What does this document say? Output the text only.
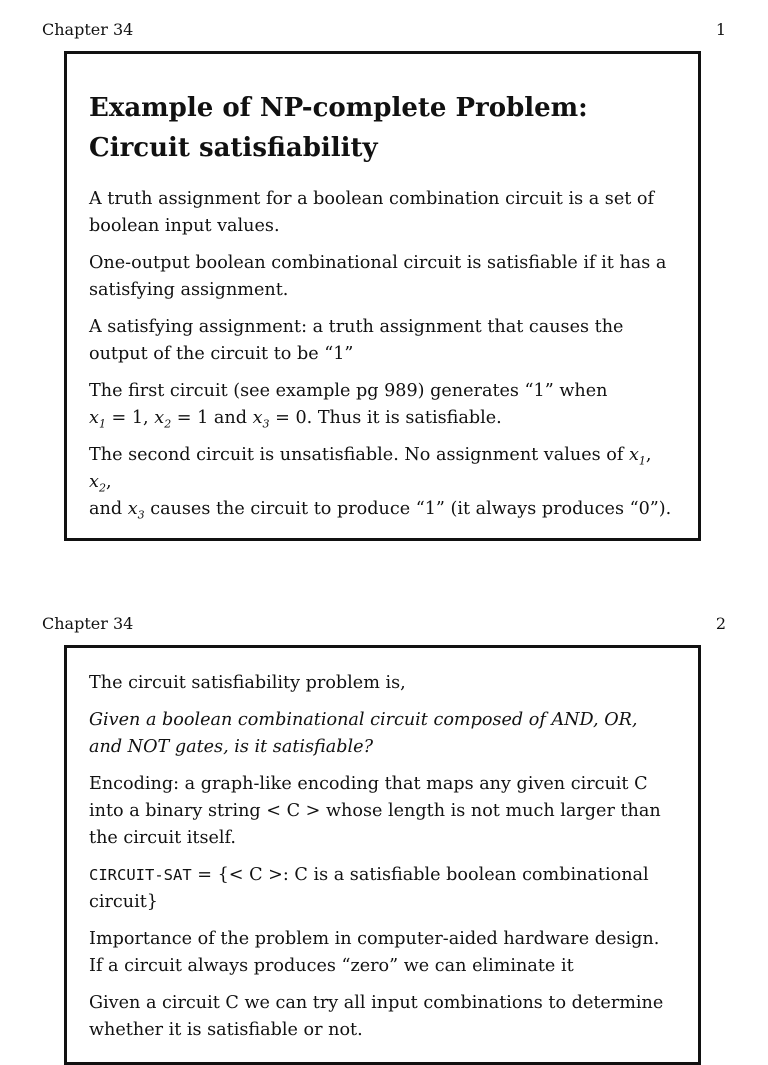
Chapter 34	1
Example of NP-complete Problem:
Circuit satisfiability

A truth assignment for a boolean combination circuit is a set of boolean input values.

One-output boolean combinational circuit is satisfiable if it has a satisfying assignment.

A satisfying assignment: a truth assignment that causes the output of the circuit to be “1”

The first circuit (see example pg 989) generates “1” when
$x_1 = 1$, $x_2 = 1$ and $x_3 = 0$. Thus it is satisfiable.

The second circuit is unsatisfiable. No assignment values of $x_1$, $x_2$,
and $x_3$ causes the circuit to produce “1” (it always produces “0”).

Chapter 34	2

The circuit satisfiability problem is,

Given a boolean combinational circuit composed of AND, OR, and NOT gates, is it satisfiable?

Encoding: a graph-like encoding that maps any given circuit C into a binary string < C > whose length is not much larger than the circuit itself.

CIRCUIT-SAT = {< C >: C is a satisfiable boolean combinational circuit}

Importance of the problem in computer-aided hardware design. If a circuit always produces “zero” we can eliminate it

Given a circuit C we can try all input combinations to determine whether it is satisfiable or not.
